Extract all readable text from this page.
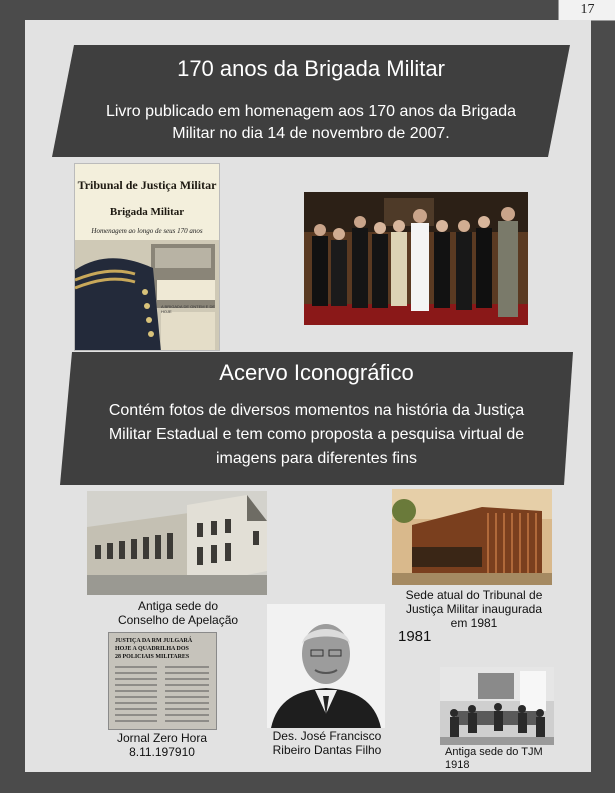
17
170 anos da Brigada Militar
Livro publicado em homenagem aos 170 anos da Brigada
Militar no dia 14 de novembro de 2007.
Tribunal de Justiça Militar
Brigada Militar
Homenagem ao longo de seus 170 anos
A BRIGADA DE ONTEM E DE HOJE
Acervo Iconográfico
Contém fotos de diversos momentos na história da Justiça
Militar Estadual e tem como proposta a pesquisa virtual de
imagens para diferentes fins
Antiga sede do
Conselho de Apelação
Sede atual do Tribunal de
Justiça Militar inaugurada
em 1981
1981
JUSTIÇA DA RM JULGARÁ
HOJE A QUADRILHA DOS
28 POLICIAIS MILITARES
Jornal Zero Hora
8.11.197910
Des. José Francisco
Ribeiro Dantas Filho	Antiga sede do TJM
1918
